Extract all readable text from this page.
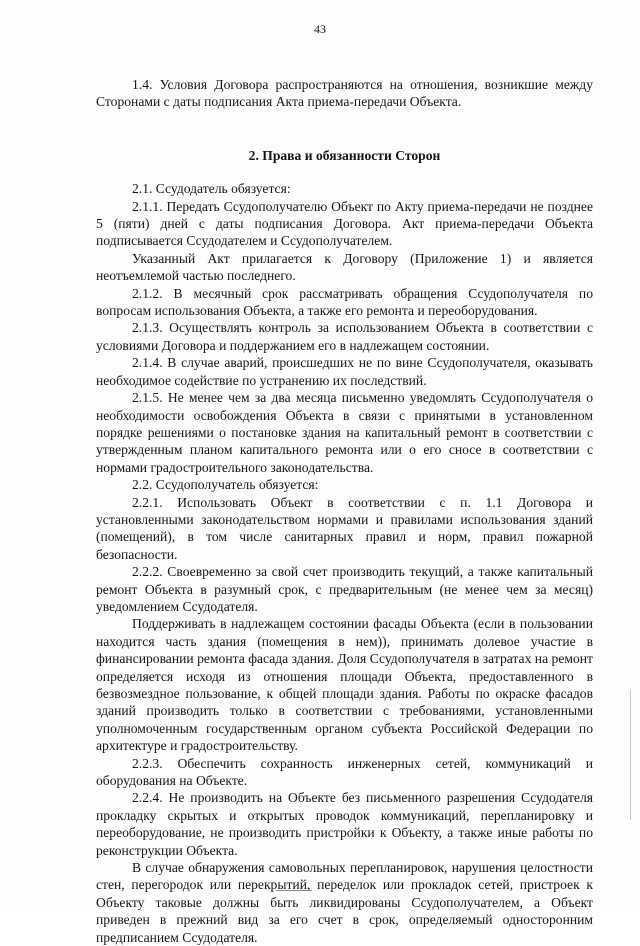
43

1.4. Условия Договора распространяются на отношения, возникшие между Сторонами с даты подписания Акта приема-передачи Объекта.

2. Права и обязанности Сторон

2.1. Ссудодатель обязуется:

2.1.1. Передать Ссудополучателю Объект по Акту приема-передачи не позднее 5 (пяти) дней с даты подписания Договора. Акт приема-передачи Объекта подписывается Ссудодателем и Ссудополучателем.

Указанный Акт прилагается к Договору (Приложение 1) и является неотъемлемой частью последнего.

2.1.2. В месячный срок рассматривать обращения Ссудополучателя по вопросам использования Объекта, а также его ремонта и переоборудования.

2.1.3. Осуществлять контроль за использованием Объекта в соответствии с условиями Договора и поддержанием его в надлежащем состоянии.

2.1.4. В случае аварий, происшедших не по вине Ссудополучателя, оказывать необходимое содействие по устранению их последствий.

2.1.5. Не менее чем за два месяца письменно уведомлять Ссудополучателя о необходимости освобождения Объекта в связи с принятыми в установленном порядке решениями о постановке здания на капитальный ремонт в соответствии с утвержденным планом капитального ремонта или о его сносе в соответствии с нормами градостроительного законодательства.

2.2. Ссудополучатель обязуется:

2.2.1. Использовать Объект в соответствии с п. 1.1 Договора и установленными законодательством нормами и правилами использования зданий (помещений), в том числе санитарных правил и норм, правил пожарной безопасности.

2.2.2. Своевременно за свой счет производить текущий, а также капитальный ремонт Объекта в разумный срок, с предварительным (не менее чем за месяц) уведомлением Ссудодателя.

Поддерживать в надлежащем состоянии фасады Объекта (если в пользовании находится часть здания (помещения в нем)), принимать долевое участие в финансировании ремонта фасада здания. Доля Ссудополучателя в затратах на ремонт определяется исходя из отношения площади Объекта, предоставленного в безвозмездное пользование, к общей площади здания. Работы по окраске фасадов зданий производить только в соответствии с требованиями, установленными уполномоченным государственным органом субъекта Российской Федерации по архитектуре и градостроительству.

2.2.3. Обеспечить сохранность инженерных сетей, коммуникаций и оборудования на Объекте.

2.2.4. Не производить на Объекте без письменного разрешения Ссудодателя прокладку скрытых и открытых проводок коммуникаций, перепланировку и переоборудование, не производить пристройки к Объекту, а также иные работы по реконструкции Объекта.

В случае обнаружения самовольных перепланировок, нарушения целостности стен, перегородок или перекрытий, переделок или прокладок сетей, пристроек к Объекту таковые должны быть ликвидированы Ссудополучателем, а Объект приведен в прежний вид за его счет в срок, определяемый односторонним предписанием Ссудодателя.
